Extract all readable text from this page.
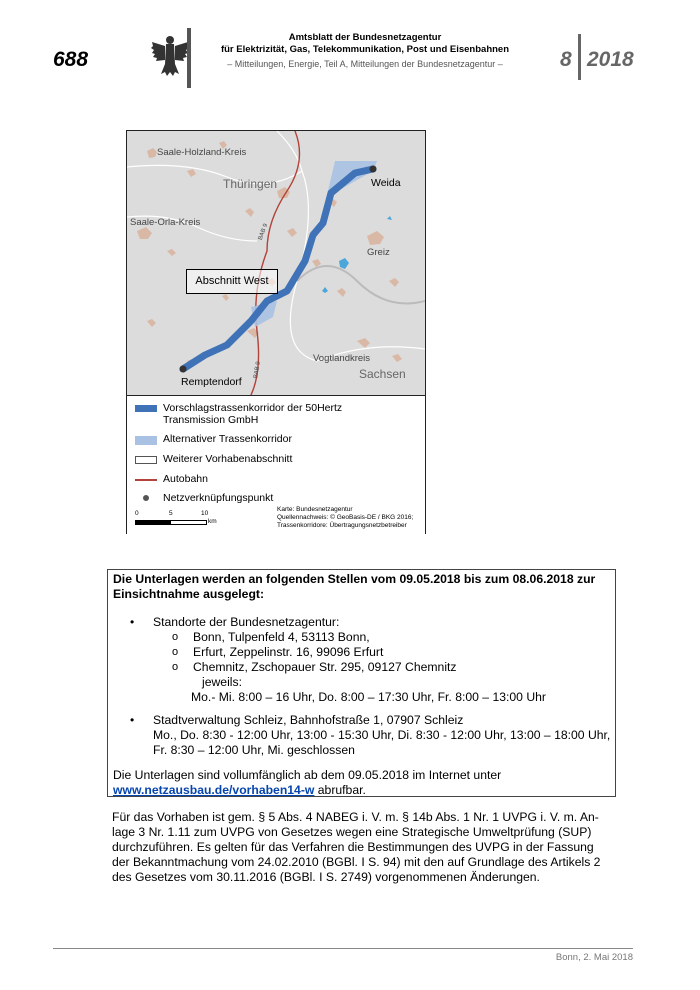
688
Amtsblatt der Bundesnetzagentur
für Elektrizität, Gas, Telekommunikation, Post und Eisenbahnen
– Mitteilungen, Energie, Teil A, Mitteilungen der Bundesnetzagentur –	8 2018
Saale-Holzland-Kreis
Thüringen
Saale-Orla-Kreis
Weida
Greiz
BAB 9
BAB 9
Vogtlandkreis
Sachsen
Remptendorf
Abschnitt West
Vorschlagstrassenkorridor der 50Hertz
Transmission GmbH
Alternativer Trassenkorridor
Weiterer Vorhabenabschnitt
Autobahn
Netzverknüpfungspunkt
0	5	10
km
Karte: Bundesnetzagentur
Quellennachweis: © GeoBasis-DE / BKG 2016;
Trassenkorridore: Übertragungsnetzbetreiber
Die Unterlagen werden an folgenden Stellen vom 09.05.2018 bis zum 08.06.2018 zur
Einsichtnahme ausgelegt:
• Standorte der Bundesnetzagentur:
o Bonn, Tulpenfeld 4, 53113 Bonn,
o Erfurt, Zeppelinstr. 16, 99096 Erfurt
o Chemnitz, Zschopauer Str. 295, 09127 Chemnitz
jeweils:
Mo.- Mi. 8:00 – 16 Uhr, Do. 8:00 – 17:30 Uhr, Fr. 8:00 – 13:00 Uhr
• Stadtverwaltung Schleiz, Bahnhofstraße 1, 07907 Schleiz
Mo., Do. 8:30 - 12:00 Uhr, 13:00 - 15:30 Uhr, Di. 8:30 - 12:00 Uhr, 13:00 – 18:00 Uhr,
Fr. 8:30 – 12:00 Uhr, Mi. geschlossen
Die Unterlagen sind vollumfänglich ab dem 09.05.2018 im Internet unter
www.netzausbau.de/vorhaben14-w abrufbar.
Für das Vorhaben ist gem. § 5 Abs. 4 NABEG i. V. m. § 14b Abs. 1 Nr. 1 UVPG i. V. m. An-
lage 3 Nr. 1.11 zum UVPG von Gesetzes wegen eine Strategische Umweltprüfung (SUP)
durchzuführen. Es gelten für das Verfahren die Bestimmungen des UVPG in der Fassung
der Bekanntmachung vom 24.02.2010 (BGBl. I S. 94) mit den auf Grundlage des Artikels 2
des Gesetzes vom 30.11.2016 (BGBl. I S. 2749) vorgenommenen Änderungen.
Bonn, 2. Mai 2018
